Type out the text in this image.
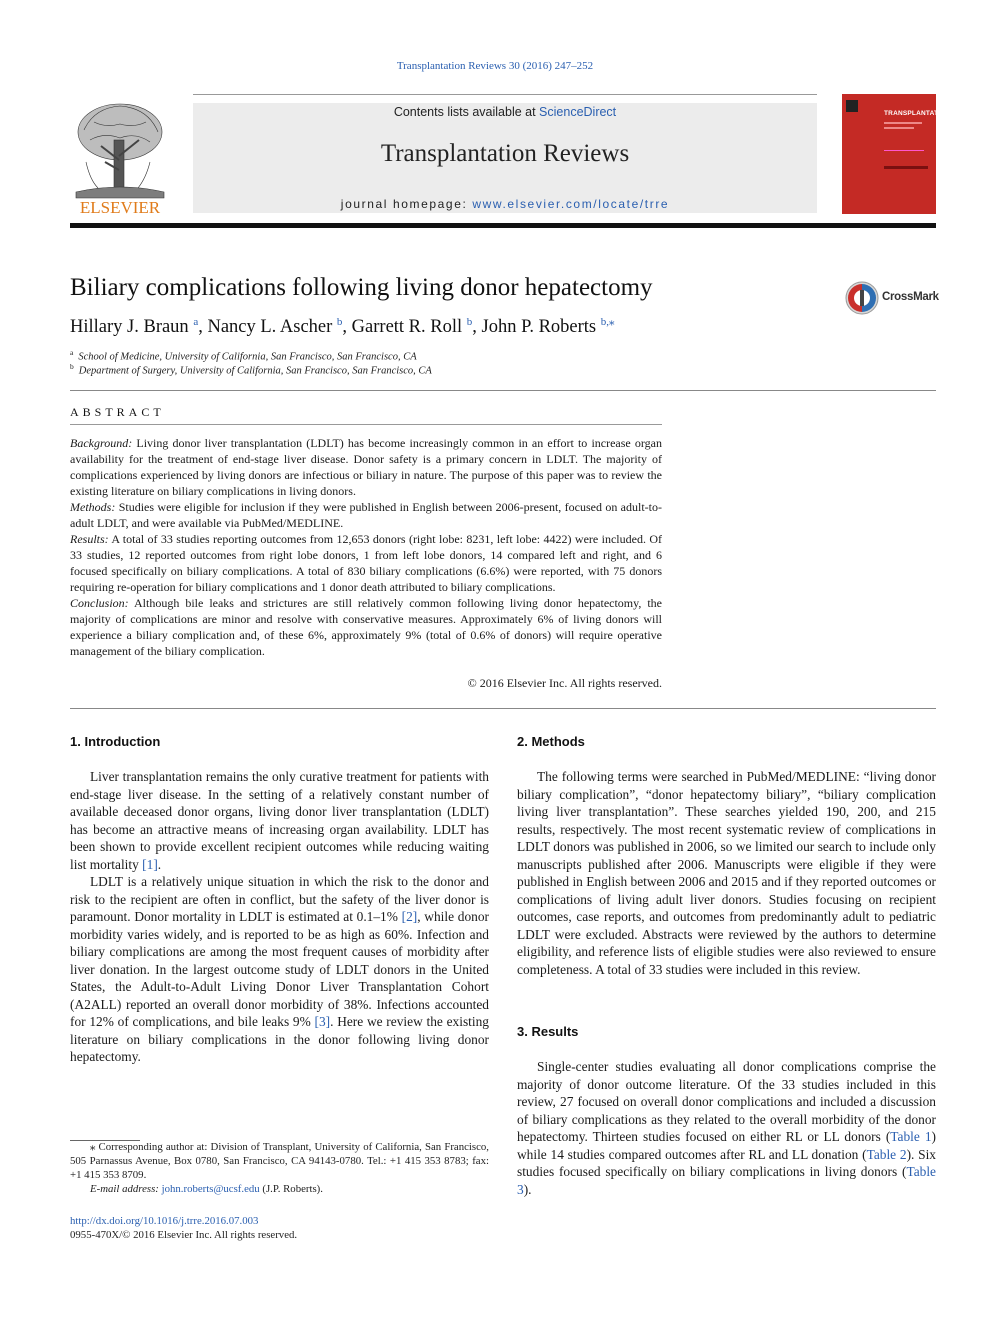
Transplantation Reviews 30 (2016) 247–252
ELSEVIER
Contents lists available at ScienceDirect
Transplantation Reviews
journal homepage: www.elsevier.com/locate/trre
TRANSPLANTATION
Biliary complications following living donor hepatectomy	CrossMark
Hillary J. Braun $^a$, Nancy L. Ascher $^b$, Garrett R. Roll $^b$, John P. Roberts $^{b,⁎}$
$^a$ School of Medicine, University of California, San Francisco, San Francisco, CA
$^b$ Department of Surgery, University of California, San Francisco, San Francisco, CA
ABSTRACT

Background: Living donor liver transplantation (LDLT) has become increasingly common in an effort to increase organ availability for the treatment of end-stage liver disease. Donor safety is a primary concern in LDLT. The majority of complications experienced by living donors are infectious or biliary in nature. The purpose of this paper was to review the existing literature on biliary complications in living donors.

Methods: Studies were eligible for inclusion if they were published in English between 2006-present, focused on adult-to-adult LDLT, and were available via PubMed/MEDLINE.

Results: A total of 33 studies reporting outcomes from 12,653 donors (right lobe: 8231, left lobe: 4422) were included. Of 33 studies, 12 reported outcomes from right lobe donors, 1 from left lobe donors, 14 compared left and right, and 6 focused specifically on biliary complications. A total of 830 biliary complications (6.6%) were reported, with 75 donors requiring re-operation for biliary complications and 1 donor death attributed to biliary complications.

Conclusion: Although bile leaks and strictures are still relatively common following living donor hepatectomy, the majority of complications are minor and resolve with conservative measures. Approximately 6% of living donors will experience a biliary complication and, of these 6%, approximately 9% (total of 0.6% of donors) will require operative management of the biliary complication.

© 2016 Elsevier Inc. All rights reserved.
1. Introduction

Liver transplantation remains the only curative treatment for patients with end-stage liver disease. In the setting of a relatively constant number of available deceased donor organs, living donor liver transplantation (LDLT) has become an attractive means of increasing organ availability. LDLT has been shown to provide excellent recipient outcomes while reducing waiting list mortality [1].

LDLT is a relatively unique situation in which the risk to the donor and risk to the recipient are often in conflict, but the safety of the liver donor is paramount. Donor mortality in LDLT is estimated at 0.1–1% [2], while donor morbidity varies widely, and is reported to be as high as 60%. Infection and biliary complications are among the most frequent causes of morbidity after liver donation. In the largest outcome study of LDLT donors in the United States, the Adult-to-Adult Living Donor Liver Transplantation Cohort (A2ALL) reported an overall donor morbidity of 38%. Infections accounted for 12% of complications, and bile leaks 9% [3]. Here we review the existing literature on biliary complications in the donor following living donor hepatectomy.

2. Methods

The following terms were searched in PubMed/MEDLINE: “living donor biliary complication”, “donor hepatectomy biliary”, “biliary complication living liver transplantation”. These searches yielded 190, 200, and 215 results, respectively. The most recent systematic review of complications in LDLT donors was published in 2006, so we limited our search to include only manuscripts published after 2006. Manuscripts were eligible if they were published in English between 2006 and 2015 and if they reported outcomes or complications of living adult liver donors. Studies focusing on recipient outcomes, case reports, and outcomes from predominantly adult to pediatric LDLT were excluded. Abstracts were reviewed by the authors to determine eligibility, and reference lists of eligible studies were also reviewed to ensure completeness. A total of 33 studies were included in this review.

3. Results

Single-center studies evaluating all donor complications comprise the majority of donor outcome literature. Of the 33 studies included in this review, 27 focused on overall donor complications and included a discussion of biliary complications as they related to the overall morbidity of the donor hepatectomy. Thirteen studies focused on either RL or LL donors (Table 1) while 14 studies compared outcomes after RL and LL donation (Table 2). Six studies focused specifically on biliary complications in living donors (Table 3).

⁎ Corresponding author at: Division of Transplant, University of California, San Francisco, 505 Parnassus Avenue, Box 0780, San Francisco, CA 94143-0780. Tel.: +1 415 353 8783; fax: +1 415 353 8709.

E-mail address: john.roberts@ucsf.edu (J.P. Roberts).
http://dx.doi.org/10.1016/j.trre.2016.07.003
0955-470X/© 2016 Elsevier Inc. All rights reserved.
